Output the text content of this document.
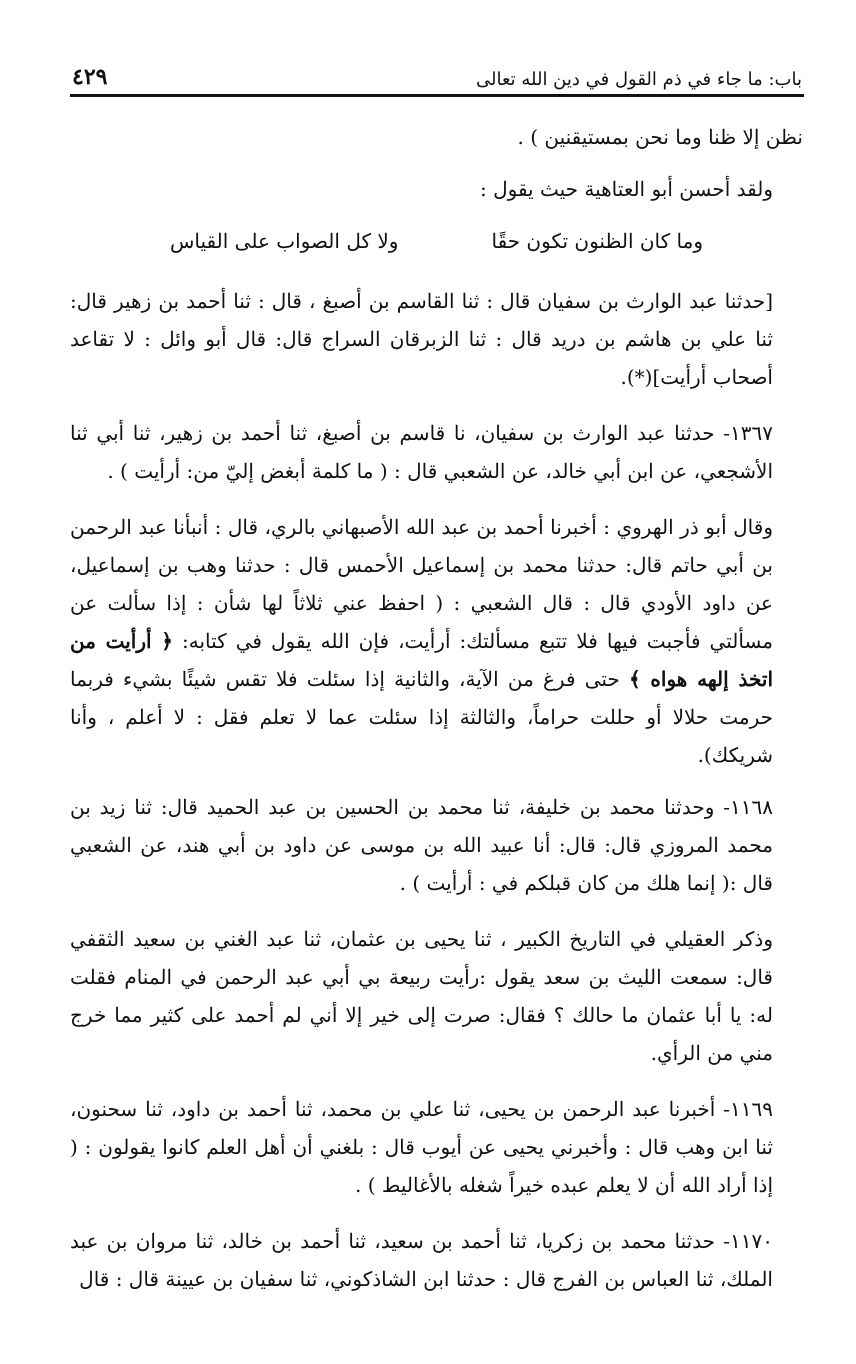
٤٢٩	باب: ما جاء في ذم القول في دين الله تعالى

نظن إلا ظنا وما نحن بمستيقنين ) .

ولقد أحسن أبو العتاهية حيث يقول :

وما كان الظنون تكون حقًا
ولا كل الصواب على القياس

[حدثنا عبد الوارث بن سفيان قال : ثنا القاسم بن أصبغ ، قال : ثنا أحمد بن زهير قال: ثنا علي بن هاشم بن دريد قال : ثنا الزبرقان السراج قال: قال أبو وائل : لا تقاعد أصحاب أرأيت](*).

١٣٦٧- حدثنا عبد الوارث بن سفيان، نا قاسم بن أصبغ، ثنا أحمد بن زهير، ثنا أبي ثنا الأشجعي، عن ابن أبي خالد، عن الشعبي قال : ( ما كلمة أبغض إليّ من: أرأيت ) .

وقال أبو ذر الهروي : أخبرنا أحمد بن عبد الله الأصبهاني بالري، قال : أنبأنا عبد الرحمن بن أبي حاتم قال: حدثنا محمد بن إسماعيل الأحمس قال : حدثنا وهب بن إسماعيل، عن داود الأودي قال : قال الشعبي : ( احفظ عني ثلاثاً لها شأن : إذا سألت عن مسألتي فأجبت فيها فلا تتبع مسألتك: أرأيت، فإن الله يقول في كتابه: ﴿ أرأيت من اتخذ إلهه هواه ﴾ حتى فرغ من الآية، والثانية إذا سئلت فلا تقس شيئًا بشيء فربما حرمت حلالا أو حللت حراماً، والثالثة إذا سئلت عما لا تعلم فقل : لا أعلم ، وأنا شريكك).

١١٦٨- وحدثنا محمد بن خليفة، ثنا محمد بن الحسين بن عبد الحميد قال: ثنا زيد بن محمد المروزي قال: قال: أنا عبيد الله بن موسى عن داود بن أبي هند، عن الشعبي قال :( إنما هلك من كان قبلكم في : أرأيت ) .

وذكر العقيلي في التاريخ الكبير ، ثنا يحيى بن عثمان، ثنا عبد الغني بن سعيد الثقفي قال: سمعت الليث بن سعد يقول :رأيت ربيعة بي أبي عبد الرحمن في المنام فقلت له: يا أبا عثمان ما حالك ؟ فقال: صرت إلى خير إلا أني لم أحمد على كثير مما خرج مني من الرأي.

١١٦٩- أخبرنا عبد الرحمن بن يحيى، ثنا علي بن محمد، ثنا أحمد بن داود، ثنا سحنون، ثنا ابن وهب قال : وأخبرني يحيى عن أيوب قال : بلغني أن أهل العلم كانوا يقولون : ( إذا أراد الله أن لا يعلم عبده خيراً شغله بالأغاليط ) .

١١٧٠- حدثنا محمد بن زكريا، ثنا أحمد بن سعيد، ثنا أحمد بن خالد، ثنا مروان بن عبد الملك، ثنا العباس بن الفرج قال : حدثنا ابن الشاذكوني، ثنا سفيان بن عيينة قال : قال
